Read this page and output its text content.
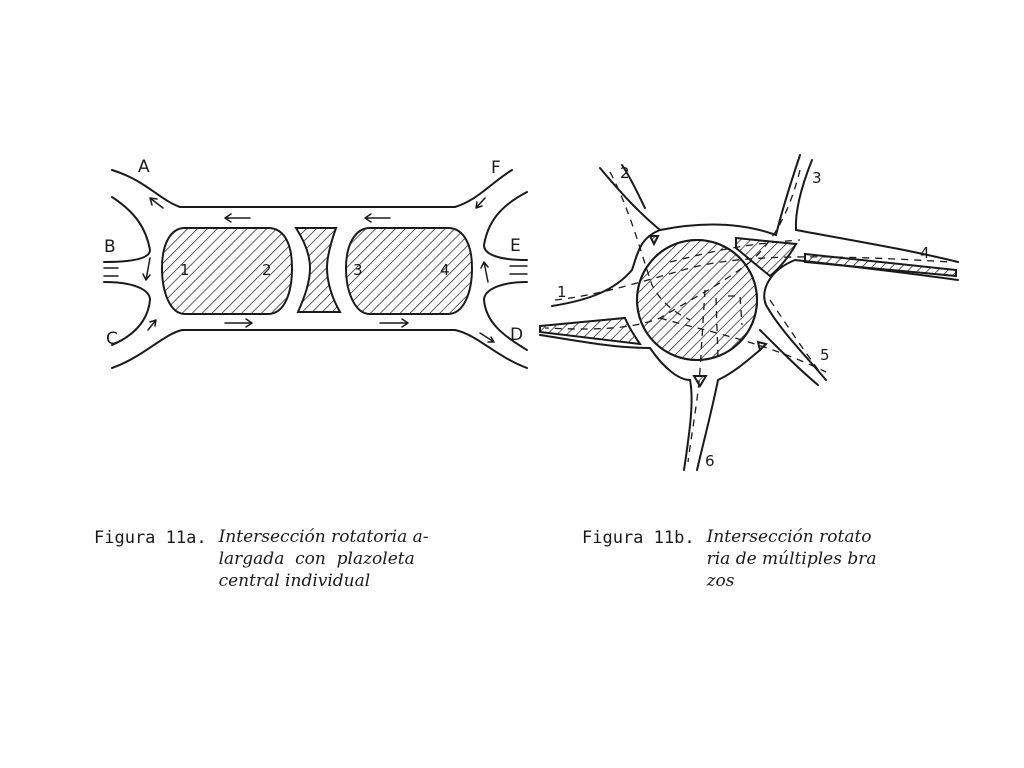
A
B
C	D
E
F
1	2	3	4
1
2	3
4
5
6
Figura 11a. Intersección rotatoria a-
largada  con  plazoleta
central individual
Figura 11b. Intersección rotato
ria de múltiples bra
zos
